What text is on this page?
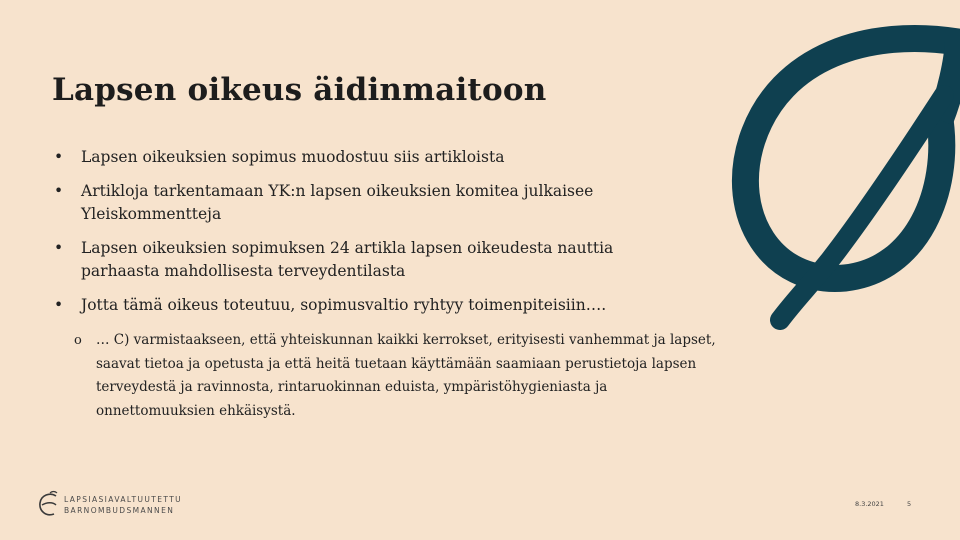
Lapsen oikeus äidinmaitoon
• Lapsen oikeuksien sopimus muodostuu siis artikloista
• Artikloja tarkentamaan YK:n lapsen oikeuksien komitea julkaisee Yleiskommentteja
• Lapsen oikeuksien sopimuksen 24 artikla lapsen oikeudesta nauttia parhaasta mahdollisesta terveydentilasta
• Jotta tämä oikeus toteutuu, sopimusvaltio ryhtyy toimenpiteisiin….
o … C) varmistaakseen, että yhteiskunnan kaikki kerrokset, erityisesti vanhemmat ja lapset, saavat tietoa ja opetusta ja että heitä tuetaan käyttämään saamiaan perustietoja lapsen terveydestä ja ravinnosta, rintaruokinnan eduista, ympäristöhygieniasta ja onnettomuuksien ehkäisystä.
LAPSIASIAVALTUUTETTU
BARNOMBUDSMANNEN
8.3.2021	5
